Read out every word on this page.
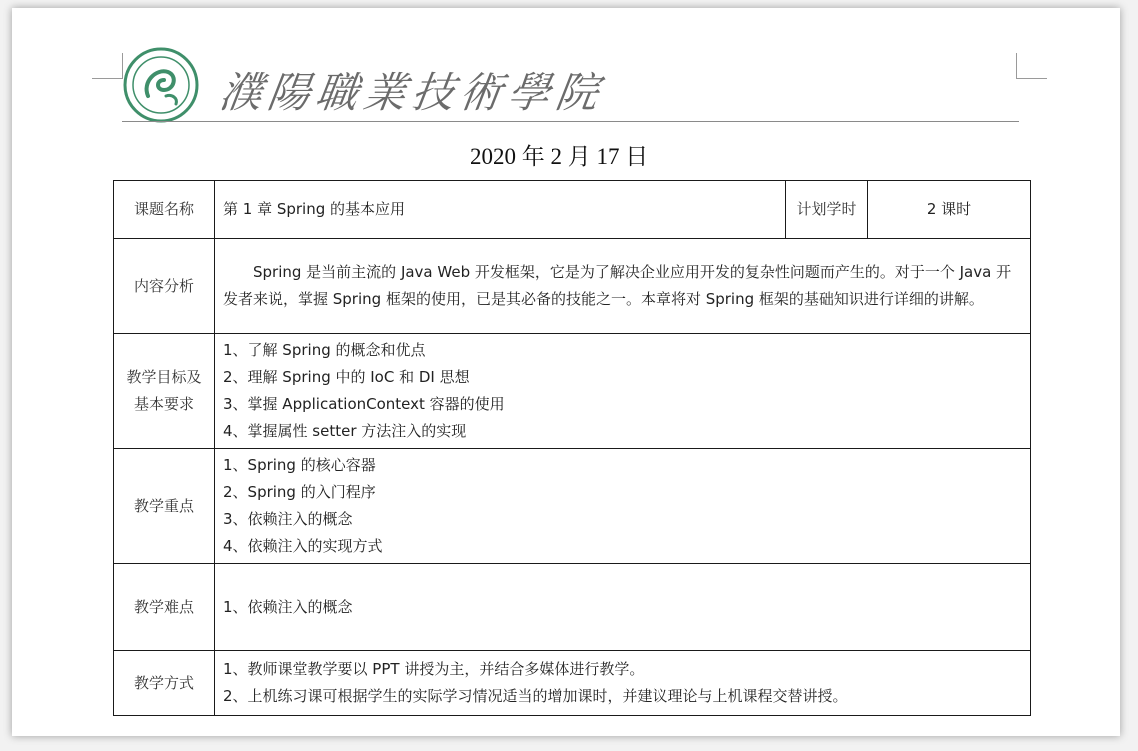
濮陽職業技術學院
2020 年 2 月 17 日
课题名称	第 1 章 Spring 的基本应用	计划学时	2 课时
内容分析	Spring 是当前主流的 Java Web 开发框架，它是为了解决企业应用开发的复杂性问题而产生的。对于一个 Java 开发者来说，掌握 Spring 框架的使用，已是其必备的技能之一。本章将对 Spring 框架的基础知识进行详细的讲解。		
教学目标及基本要求	1、了解 Spring 的概念和优点
2、理解 Spring 中的 IoC 和 DI 思想
3、掌握 ApplicationContext 容器的使用
4、掌握属性 setter 方法注入的实现		

教学重点	1、Spring 的核心容器
2、Spring 的入门程序
3、依赖注入的概念
4、依赖注入的实现方式		

教学难点	1、依赖注入的概念		

教学方式	1、教师课堂教学要以 PPT 讲授为主，并结合多媒体进行教学。
2、上机练习课可根据学生的实际学习情况适当的增加课时，并建议理论与上机课程交替讲授。		
